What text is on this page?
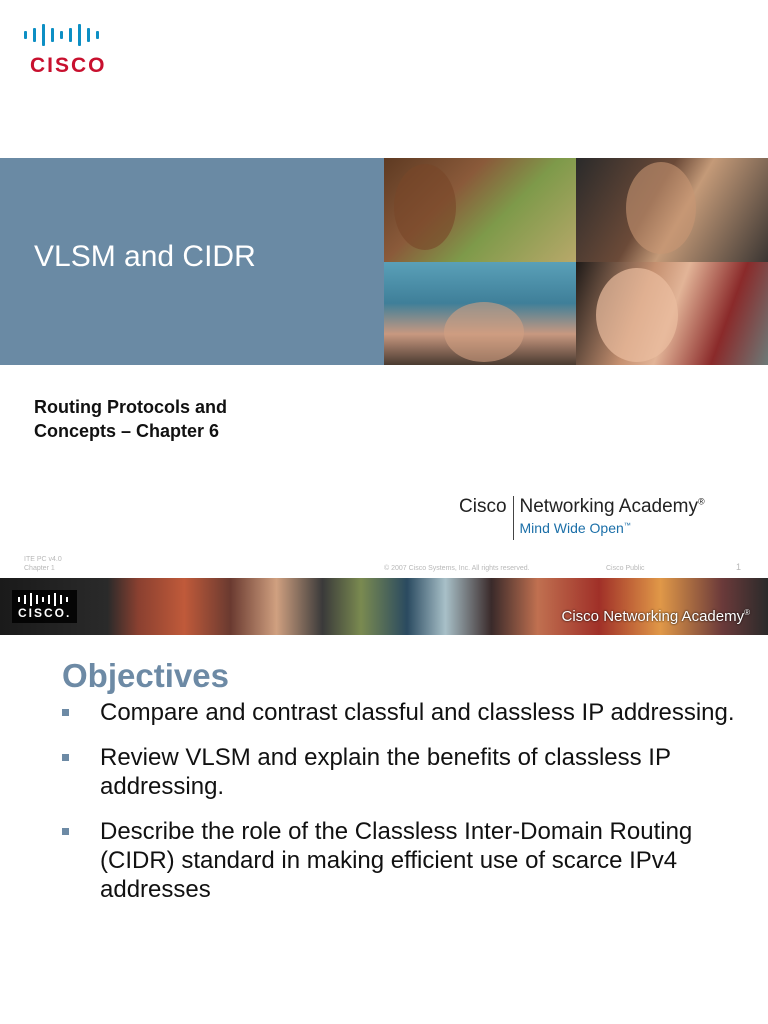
CISCO
VLSM and CIDR
Routing Protocols and
Concepts – Chapter 6
Cisco Networking Academy®
Mind Wide Open™
ITE PC v4.0
Chapter 1	© 2007 Cisco Systems, Inc. All rights reserved.	Cisco Public	1
CISCO.	Cisco Networking Academy®
Objectives
Compare and contrast classful and classless IP addressing.
Review VLSM and explain the benefits of classless IP addressing.
Describe the role of the Classless Inter-Domain Routing (CIDR) standard in making efficient use of scarce IPv4 addresses
